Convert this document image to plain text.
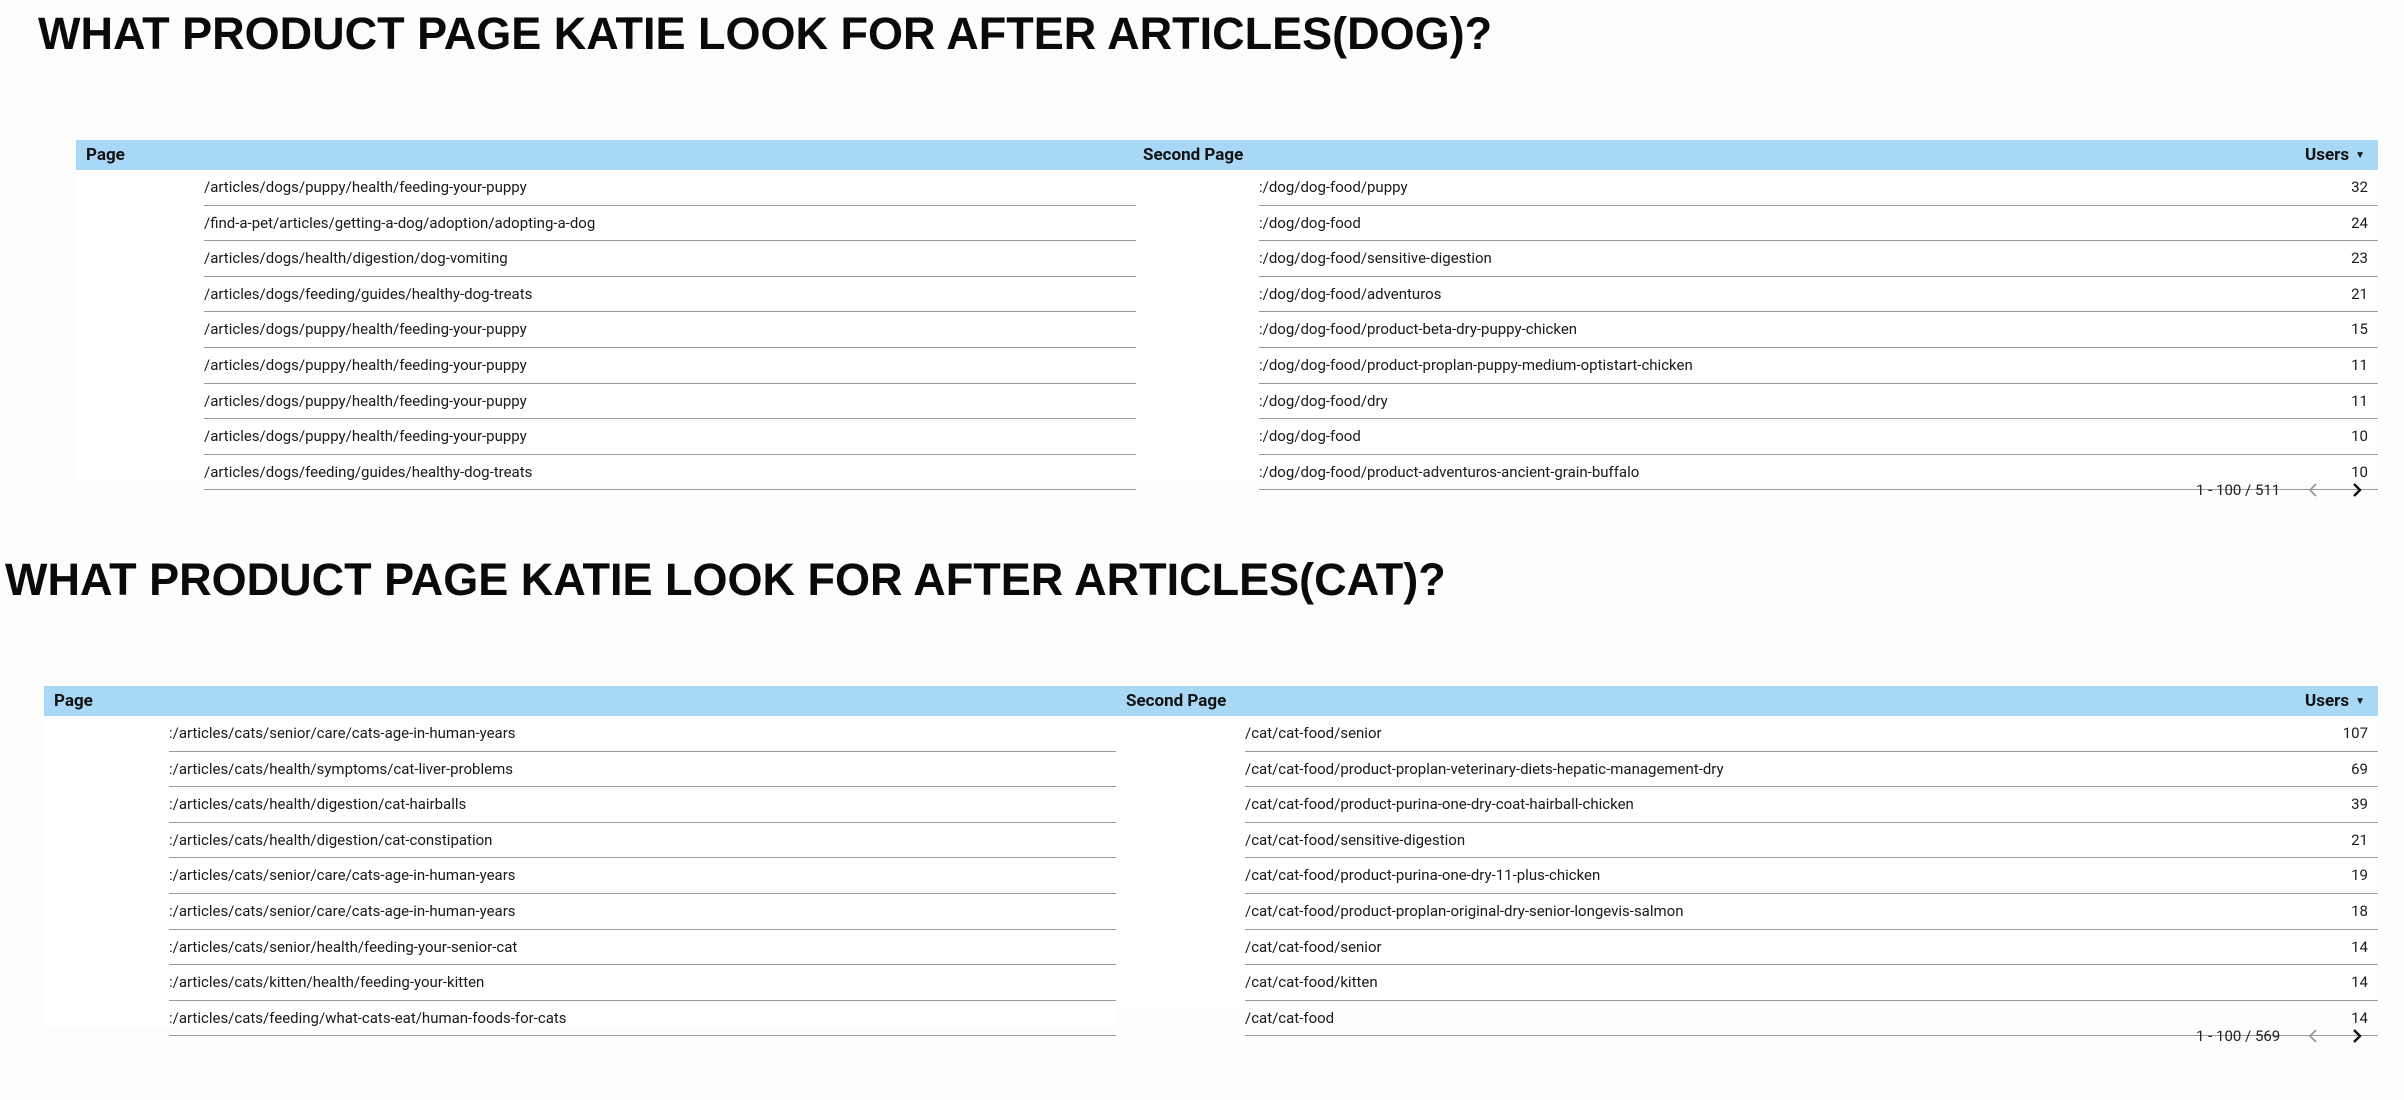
WHAT PRODUCT PAGE KATIE LOOK FOR AFTER ARTICLES(DOG)?
Page	Second Page	Users ▼
/articles/dogs/puppy/health/feeding-your-puppy	:/dog/dog-food/puppy	32
/find-a-pet/articles/getting-a-dog/adoption/adopting-a-dog	:/dog/dog-food	24
/articles/dogs/health/digestion/dog-vomiting	:/dog/dog-food/sensitive-digestion	23
/articles/dogs/feeding/guides/healthy-dog-treats	:/dog/dog-food/adventuros	21
/articles/dogs/puppy/health/feeding-your-puppy	:/dog/dog-food/product-beta-dry-puppy-chicken	15
/articles/dogs/puppy/health/feeding-your-puppy	:/dog/dog-food/product-proplan-puppy-medium-optistart-chicken	11
/articles/dogs/puppy/health/feeding-your-puppy	:/dog/dog-food/dry	11
/articles/dogs/puppy/health/feeding-your-puppy	:/dog/dog-food	10
/articles/dogs/feeding/guides/healthy-dog-treats	:/dog/dog-food/product-adventuros-ancient-grain-buffalo	10
1 - 100 / 511
WHAT PRODUCT PAGE KATIE LOOK FOR AFTER ARTICLES(CAT)?
Page	Second Page	Users ▼
:/articles/cats/senior/care/cats-age-in-human-years	/cat/cat-food/senior	107
:/articles/cats/health/symptoms/cat-liver-problems	/cat/cat-food/product-proplan-veterinary-diets-hepatic-management-dry	69
:/articles/cats/health/digestion/cat-hairballs	/cat/cat-food/product-purina-one-dry-coat-hairball-chicken	39
:/articles/cats/health/digestion/cat-constipation	/cat/cat-food/sensitive-digestion	21
:/articles/cats/senior/care/cats-age-in-human-years	/cat/cat-food/product-purina-one-dry-11-plus-chicken	19
:/articles/cats/senior/care/cats-age-in-human-years	/cat/cat-food/product-proplan-original-dry-senior-longevis-salmon	18
:/articles/cats/senior/health/feeding-your-senior-cat	/cat/cat-food/senior	14
:/articles/cats/kitten/health/feeding-your-kitten	/cat/cat-food/kitten	14
:/articles/cats/feeding/what-cats-eat/human-foods-for-cats	/cat/cat-food	14
1 - 100 / 569
